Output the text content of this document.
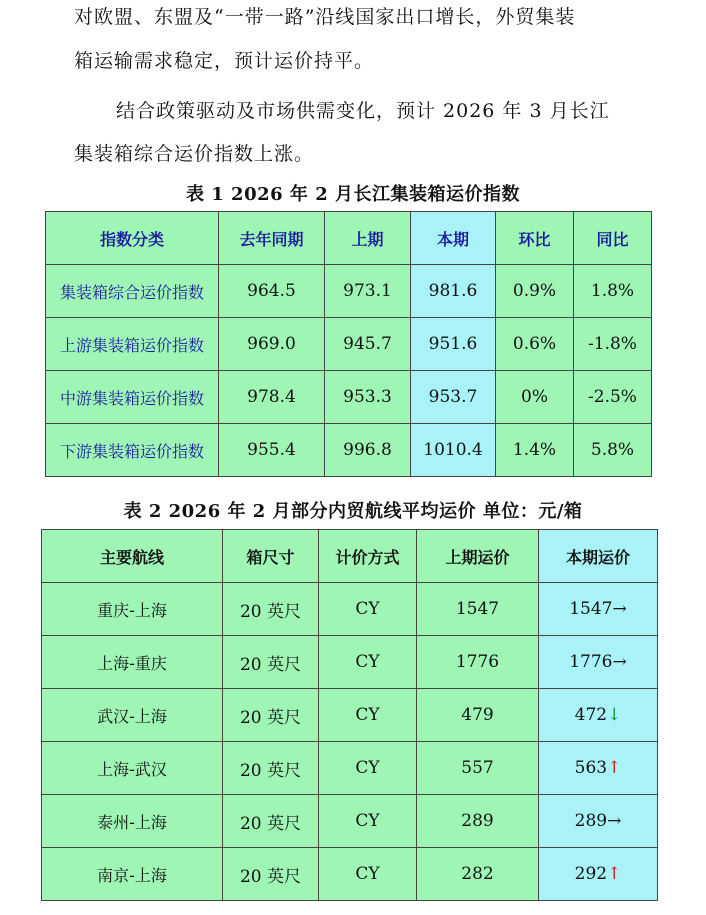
对欧盟、东盟及“一带一路”沿线国家出口增长，外贸集装
箱运输需求稳定，预计运价持平。
结合政策驱动及市场供需变化，预计 2026 年 3 月长江
集装箱综合运价指数上涨。
表 1 2026 年 2 月长江集装箱运价指数
指数分类	去年同期	上期	本期	环比	同比
集装箱综合运价指数	964.5	973.1	981.6	0.9%	1.8%
上游集装箱运价指数	969.0	945.7	951.6	0.6%	-1.8%
中游集装箱运价指数	978.4	953.3	953.7	0%	-2.5%
下游集装箱运价指数	955.4	996.8	1010.4	1.4%	5.8%
表 2 2026 年 2 月部分内贸航线平均运价 单位：元/箱
主要航线	箱尺寸	计价方式	上期运价	本期运价
重庆-上海	20 英尺	CY	1547	1547→
上海-重庆	20 英尺	CY	1776	1776→
武汉-上海	20 英尺	CY	479	472↓
上海-武汉	20 英尺	CY	557	563↑
泰州-上海	20 英尺	CY	289	289→
南京-上海	20 英尺	CY	282	292↑
